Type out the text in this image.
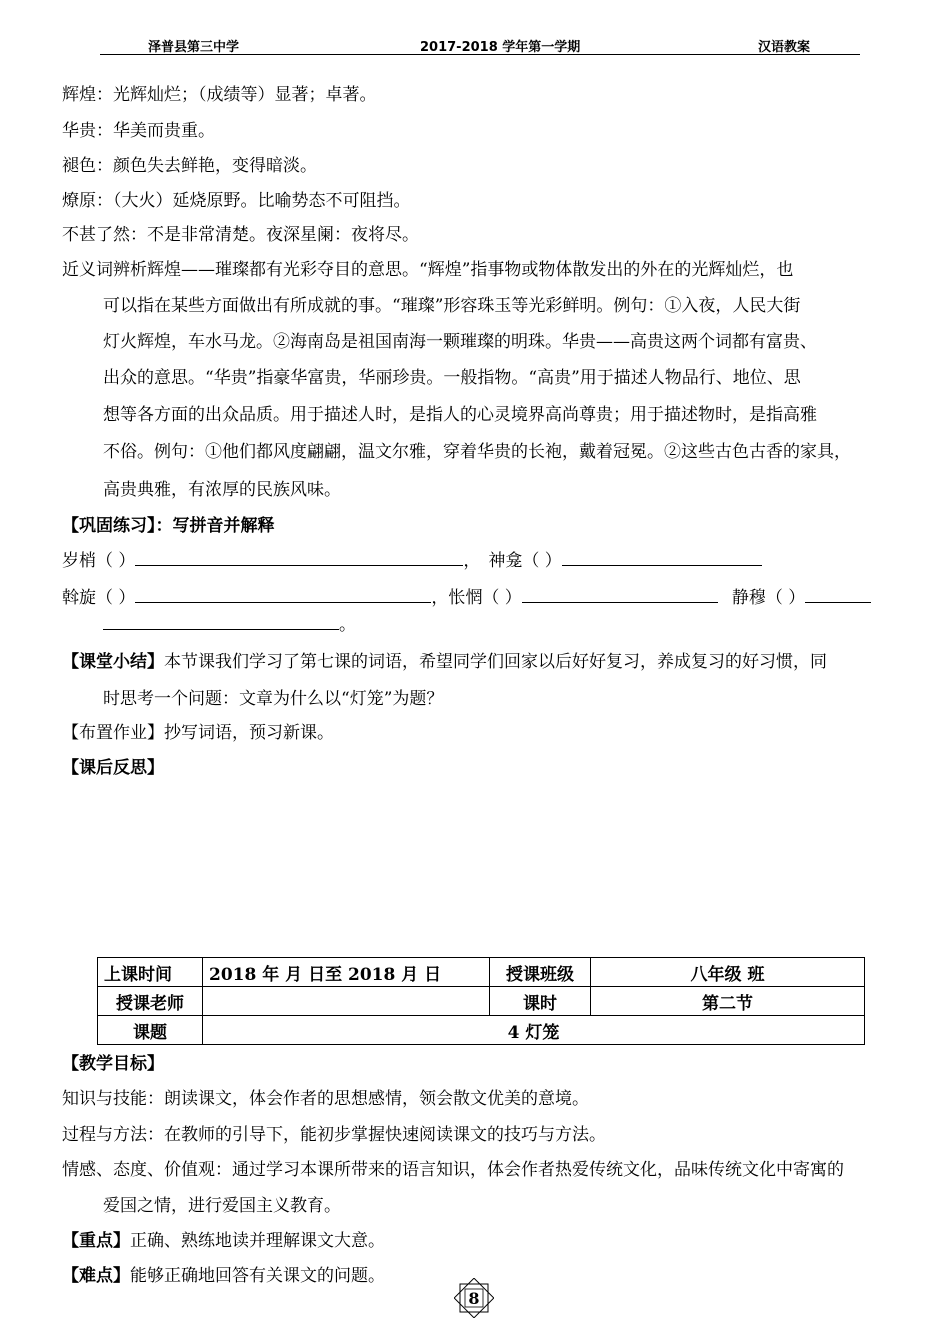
泽普县第三中学	2017-2018 学年第一学期	汉语教案
辉煌：光辉灿烂；（成绩等）显著；卓著。
华贵：华美而贵重。
褪色：颜色失去鲜艳，变得暗淡。
燎原：（大火）延烧原野。比喻势态不可阻挡。
不甚了然：不是非常清楚。夜深星阑：夜将尽。
近义词辨析辉煌——璀璨都有光彩夺目的意思。“辉煌”指事物或物体散发出的外在的光辉灿烂，也
可以指在某些方面做出有所成就的事。“璀璨”形容珠玉等光彩鲜明。例句：①入夜，人民大街
灯火辉煌，车水马龙。②海南岛是祖国南海一颗璀璨的明珠。华贵——高贵这两个词都有富贵、
出众的意思。“华贵”指豪华富贵，华丽珍贵。一般指物。“高贵”用于描述人物品行、地位、思
想等各方面的出众品质。用于描述人时，是指人的心灵境界高尚尊贵；用于描述物时，是指高雅
不俗。例句：①他们都风度翩翩，温文尔雅，穿着华贵的长袍，戴着冠冕。②这些古色古香的家具，
高贵典雅，有浓厚的民族风味。
【巩固练习】：写拼音并解释
岁梢（ ）	， 神龛（ ）
斡旋（ ）	，怅惘（ ）	静穆（ ）
。
【课堂小结】本节课我们学习了第七课的词语，希望同学们回家以后好好复习，养成复习的好习惯，同
时思考一个问题：文章为什么以“灯笼”为题？
【布置作业】抄写词语，预习新课。
【课后反思】
上课时间	2018 年 月 日至 2018 月 日	授课班级	八年级 班
授课老师		课时	第二节
课题	4 灯笼		
【教学目标】
知识与技能：朗读课文，体会作者的思想感情，领会散文优美的意境。
过程与方法：在教师的引导下，能初步掌握快速阅读课文的技巧与方法。
情感、态度、价值观：通过学习本课所带来的语言知识，体会作者热爱传统文化，品味传统文化中寄寓的
爱国之情，进行爱国主义教育。
【重点】正确、熟练地读并理解课文大意。
【难点】能够正确地回答有关课文的问题。
8
